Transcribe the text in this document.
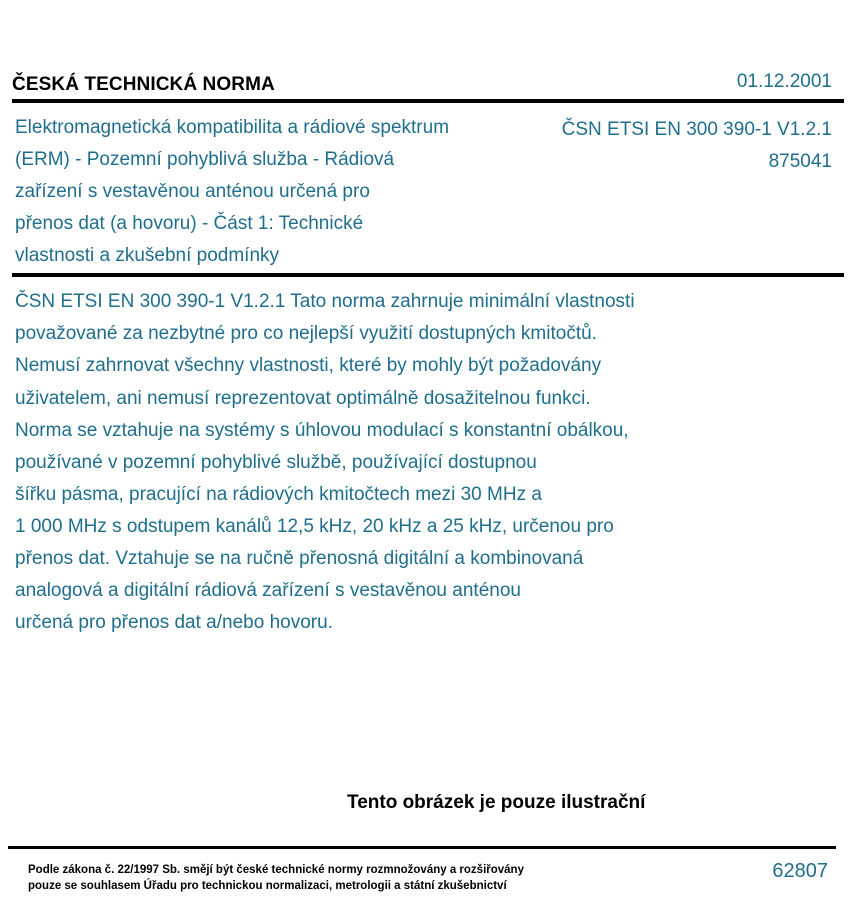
ČESKÁ TECHNICKÁ NORMA	01.12.2001
Elektromagnetická kompatibilita a rádiové spektrum
(ERM) - Pozemní pohyblivá služba - Rádiová
zařízení s vestavěnou anténou určená pro
přenos dat (a hovoru) - Část 1: Technické
vlastnosti a zkušební podmínky
ČSN ETSI EN 300 390-1 V1.2.1
875041
ČSN ETSI EN 300 390-1 V1.2.1 Tato norma zahrnuje minimální vlastnosti
považované za nezbytné pro co nejlepší využití dostupných kmitočtů.
Nemusí zahrnovat všechny vlastnosti, které by mohly být požadovány
uživatelem, ani nemusí reprezentovat optimálně dosažitelnou funkci.
Norma se vztahuje na systémy s úhlovou modulací s konstantní obálkou,
používané v pozemní pohyblivé službě, používající dostupnou
šířku pásma, pracující na rádiových kmitočtech mezi 30 MHz a
1 000 MHz s odstupem kanálů 12,5 kHz, 20 kHz a 25 kHz, určenou pro
přenos dat. Vztahuje se na ručně přenosná digitální a kombinovaná
analogová a digitální rádiová zařízení s vestavěnou anténou
určená pro přenos dat a/nebo hovoru.
Tento obrázek je pouze ilustrační
Podle zákona č. 22/1997 Sb. smějí být české technické normy rozmnožovány a rozšiřovány
pouze se souhlasem Úřadu pro technickou normalizaci, metrologii a státní zkušebnictví
62807
